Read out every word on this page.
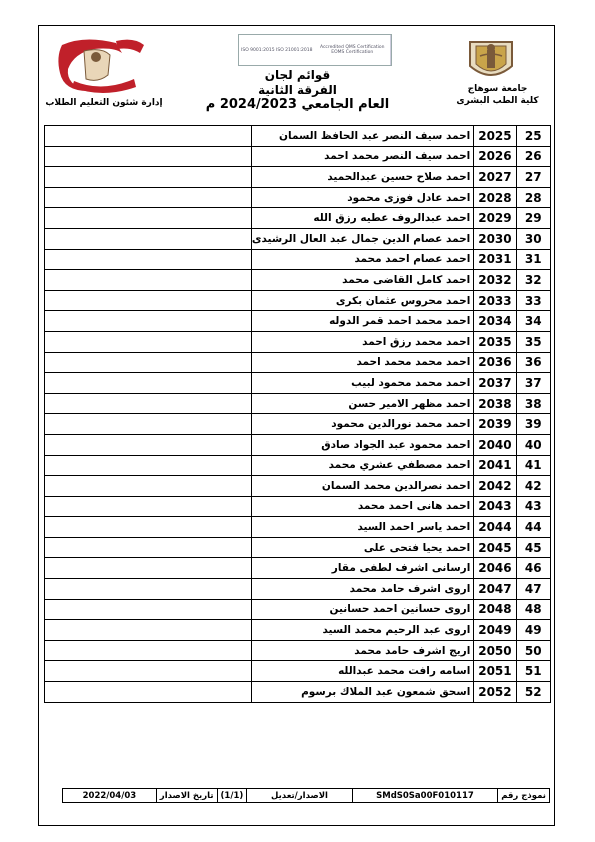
جامعة سوهاج
كلية الطب البشرى
ISO 9001:2015 ISO 21001:2018	Accredited QMS Certification EOMS Certification
قوائم لجان
الفرقة الثانية
العام الجامعي 2024/2023 م
إدارة شئون التعليم الطلاب
25	2025	احمد سيف النصر عبد الحافظ السمان	
26	2026	احمد سيف النصر محمد احمد	
27	2027	احمد صلاح حسين عبدالحميد	
28	2028	احمد عادل فوزى محمود	
29	2029	احمد عبدالروف عطيه رزق الله	
30	2030	احمد عصام الدين جمال عبد العال الرشيدى	
31	2031	احمد عصام احمد محمد	
32	2032	احمد كامل القاضى محمد	
33	2033	احمد محروس عثمان بكرى	
34	2034	احمد محمد احمد قمر الدوله	
35	2035	احمد محمد رزق احمد	
36	2036	احمد محمد محمد احمد	
37	2037	احمد محمد محمود لبيب	
38	2038	احمد مظهر الامير حسن	
39	2039	احمد محمد نورالدين محمود	
40	2040	احمد محمود عبد الجواد صادق	
41	2041	احمد مصطفي عشري محمد	
42	2042	احمد نصرالدين محمد السمان	
43	2043	احمد هانى احمد محمد	
44	2044	احمد ياسر احمد السيد	
45	2045	احمد يحيا فتحى على	
46	2046	ارسانى اشرف لطفى مقار	
47	2047	اروى اشرف حامد محمد	
48	2048	اروى حسانين احمد حسانين	
49	2049	اروى عبد الرحيم محمد السيد	
50	2050	اريج اشرف حامد محمد	
51	2051	اسامه رافت محمد عبدالله	
52	2052	اسحق شمعون عبد الملاك برسوم	
نموذج رقم	SMdS0Sa00F010117	الاصدار/تعديل	(1/1)	تاريخ الاصدار	2022/04/03
